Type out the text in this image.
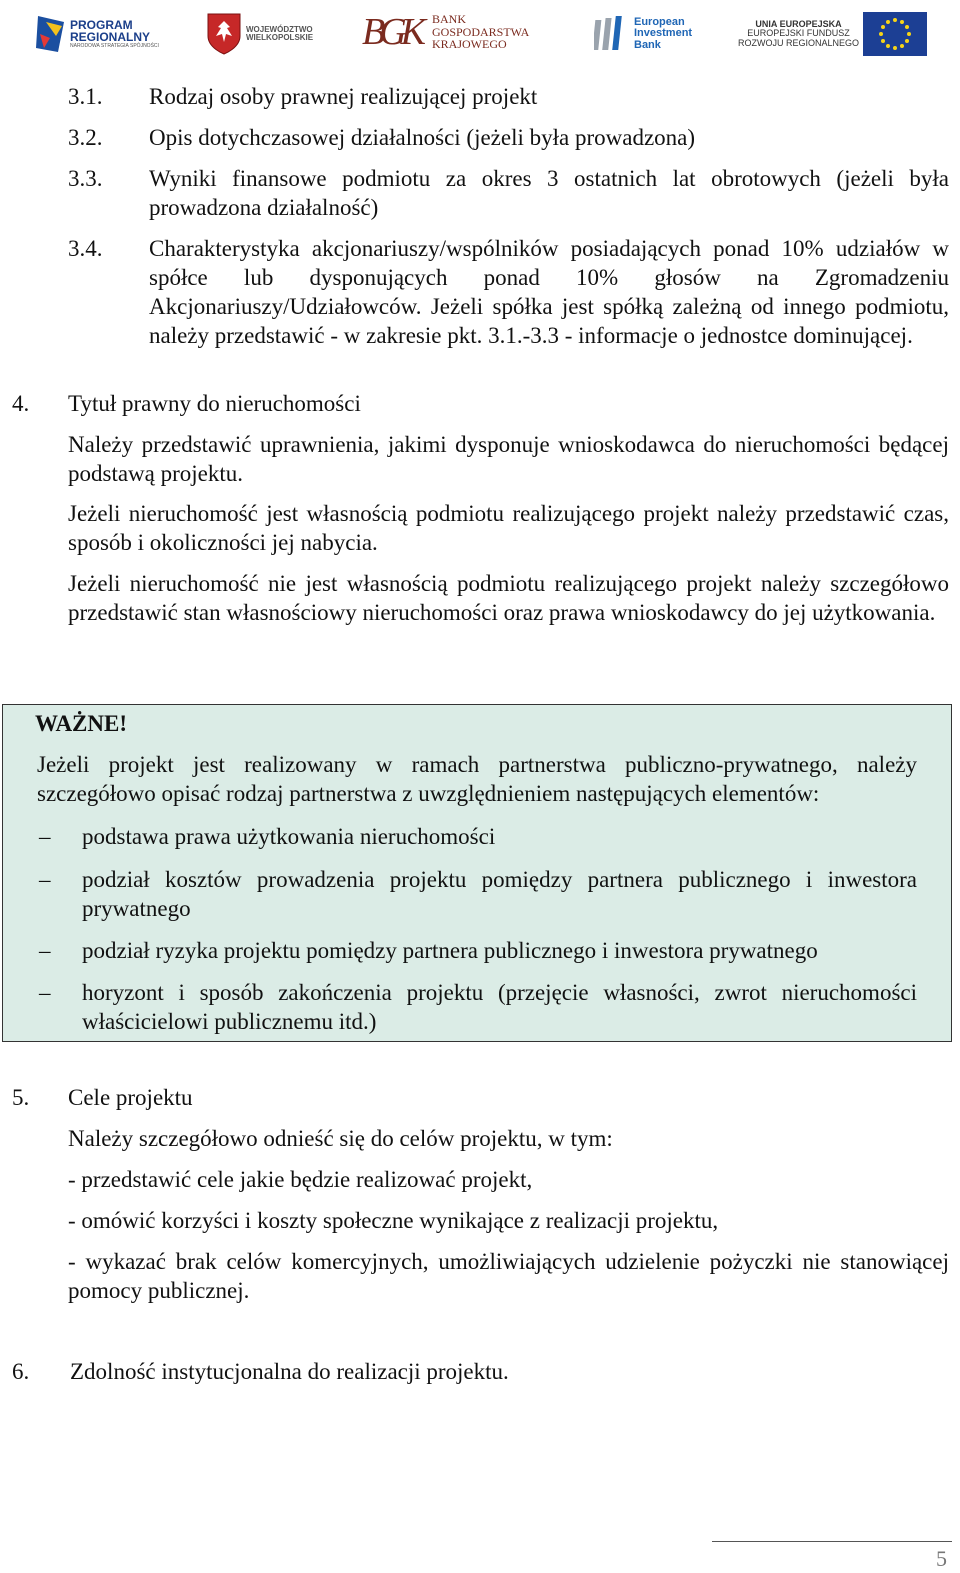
PROGRAM
REGIONALNY
NARODOWA STRATEGIA SPÓJNOŚCI
WOJEWÓDZTWO
WIELKOPOLSKIE BGK BANK
GOSPODARSTWA
KRAJOWEGO
European
Investment
Bank
UNIA EUROPEJSKA
EUROPEJSKI FUNDUSZ
ROZWOJU REGIONALNEGO
3.1. Rodzaj osoby prawnej realizującej projekt
3.2. Opis dotychczasowej działalności (jeżeli była prowadzona)
3.3. Wyniki finansowe podmiotu za okres 3 ostatnich lat obrotowych (jeżeli była prowadzona działalność)
3.4. Charakterystyka akcjonariuszy/wspólników posiadających ponad 10% udziałów w spółce lub dysponujących ponad 10% głosów na Zgromadzeniu Akcjonariuszy/Udziałowców. Jeżeli spółka jest spółką zależną od innego podmiotu, należy przedstawić - w zakresie pkt. 3.1.-3.3 - informacje o jednostce dominującej.
4. Tytuł prawny do nieruchomości
Należy przedstawić uprawnienia, jakimi dysponuje wnioskodawca do nieruchomości będącej podstawą projektu.
Jeżeli nieruchomość jest własnością podmiotu realizującego projekt należy przedstawić czas, sposób i okoliczności jej nabycia.
Jeżeli nieruchomość nie jest własnością podmiotu realizującego projekt należy szczegółowo przedstawić stan własnościowy nieruchomości oraz prawa wnioskodawcy do jej użytkowania.
WAŻNE!
Jeżeli projekt jest realizowany w ramach partnerstwa publiczno-prywatnego, należy szczegółowo opisać rodzaj partnerstwa z uwzględnieniem następujących elementów:
– podstawa prawa użytkowania nieruchomości
– podział kosztów prowadzenia projektu pomiędzy partnera publicznego i inwestora prywatnego
– podział ryzyka projektu pomiędzy partnera publicznego i inwestora prywatnego
– horyzont i sposób zakończenia projektu (przejęcie własności, zwrot nieruchomości właścicielowi publicznemu itd.)
5. Cele projektu
Należy szczegółowo odnieść się do celów projektu, w tym:
- przedstawić cele jakie będzie realizować projekt,
- omówić korzyści i koszty społeczne wynikające z realizacji projektu,
- wykazać brak celów komercyjnych, umożliwiających udzielenie pożyczki nie stanowiącej pomocy publicznej.
6. Zdolność instytucjonalna do realizacji projektu.
5
